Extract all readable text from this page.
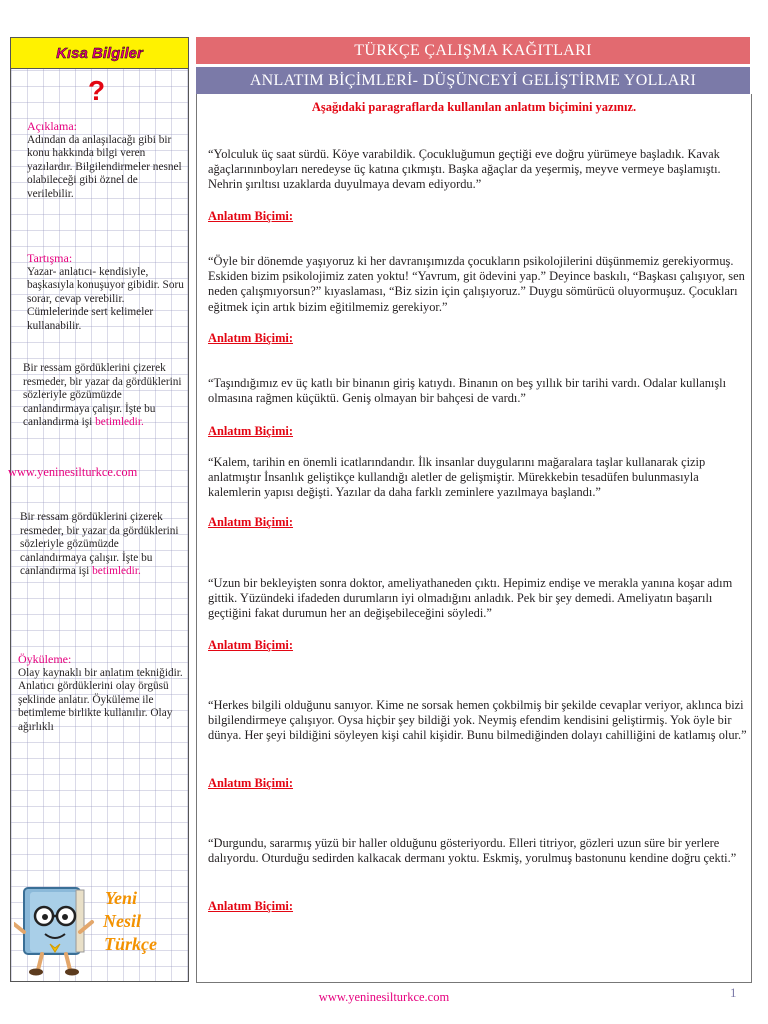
Kısa Bilgiler
?
Açıklama:
Adından da anlaşılacağı gibi bir konu hakkında bilgi veren yazılardır. Bilgilendirmeler nesnel olabileceği gibi öznel de verilebilir.
Tartışma:
Yazar- anlatıcı- kendisiyle, başkasıyla konuşuyor gibidir. Soru sorar, cevap verebilir. Cümlelerinde sert kelimeler kullanabilir.
Bir ressam gördüklerini çizerek resmeder, bir yazar da gördüklerini sözleriyle gözümüzde canlandırmaya çalışır. İşte bu canlandırma işi betimledir.
www.yeninesilturkce.com
Bir ressam gördüklerini çizerek resmeder, bir yazar da gördüklerini sözleriyle gözümüzde canlandırmaya çalışır. İşte bu canlandırma işi betimledir.
Öyküleme:
Olay kaynaklı bir anlatım tekniğidir. Anlatıcı gördüklerini olay örgüsü şeklinde anlatır. Öyküleme ile betimleme birlikte kullanılır. Olay ağırlıklı
Yeni
Nesil
Türkçe
TÜRKÇE ÇALIŞMA KAĞITLARI
ANLATIM BİÇİMLERİ- DÜŞÜNCEYİ GELİŞTİRME YOLLARI
Aşağıdaki paragraflarda kullanılan anlatım biçimini yazınız.
“Yolculuk üç saat sürdü. Köye varabildik. Çocukluğumun geçtiği eve doğru yürümeye başladık. Kavak ağaçlarınınboyları neredeyse üç katına çıkmıştı. Başka ağaçlar da yeşermiş, meyve vermeye başlamıştı. Nehrin şırıltısı uzaklarda duyulmaya devam ediyordu.”
Anlatım Biçimi:
“Öyle bir dönemde yaşıyoruz ki her davranışımızda çocukların psikolojilerini düşünmemiz gerekiyormuş. Eskiden bizim psikolojimiz zaten yoktu! “Yavrum, git ödevini yap.” Deyince baskılı, “Başkası çalışıyor, sen neden çalışmıyorsun?” kıyaslaması, “Biz sizin için çalışıyoruz.” Duygu sömürücü oluyormuşuz. Çocukları eğitmek için artık bizim eğitilmemiz gerekiyor.”
Anlatım Biçimi:
“Taşındığımız ev üç katlı bir binanın giriş katıydı. Binanın on beş yıllık bir tarihi vardı. Odalar kullanışlı olmasına rağmen küçüktü. Geniş olmayan bir bahçesi de vardı.”
Anlatım Biçimi:
“Kalem, tarihin en önemli icatlarındandır. İlk insanlar duygularını mağaralara taşlar kullanarak çizip anlatmıştır İnsanlık geliştikçe kullandığı aletler de gelişmiştir. Mürekkebin tesadüfen bulunmasıyla kalemlerin yapısı değişti. Yazılar da daha farklı zeminlere yazılmaya başlandı.”
Anlatım Biçimi:
“Uzun bir bekleyişten sonra doktor, ameliyathaneden çıktı. Hepimiz endişe ve merakla yanına koşar adım gittik. Yüzündeki ifadeden durumların iyi olmadığını anladık. Pek bir şey demedi. Ameliyatın başarılı geçtiğini fakat durumun her an değişebileceğini söyledi.”
Anlatım Biçimi:
“Herkes bilgili olduğunu sanıyor. Kime ne sorsak hemen çokbilmiş bir şekilde cevaplar veriyor, aklınca bizi bilgilendirmeye çalışıyor. Oysa hiçbir şey bildiği yok. Neymiş efendim kendisini geliştirmiş. Yok öyle bir dünya. Her şeyi bildiğini söyleyen kişi cahil kişidir. Bunu bilmediğinden dolayı cahilliğini de katlamış olur.”
Anlatım Biçimi:
“Durgundu, sararmış yüzü bir haller olduğunu gösteriyordu. Elleri titriyor, gözleri uzun süre bir yerlere dalıyordu. Oturduğu sedirden kalkacak dermanı yoktu. Eskmiş, yorulmuş bastonunu kendine doğru çekti.”
Anlatım Biçimi:
www.yeninesilturkce.com	1
